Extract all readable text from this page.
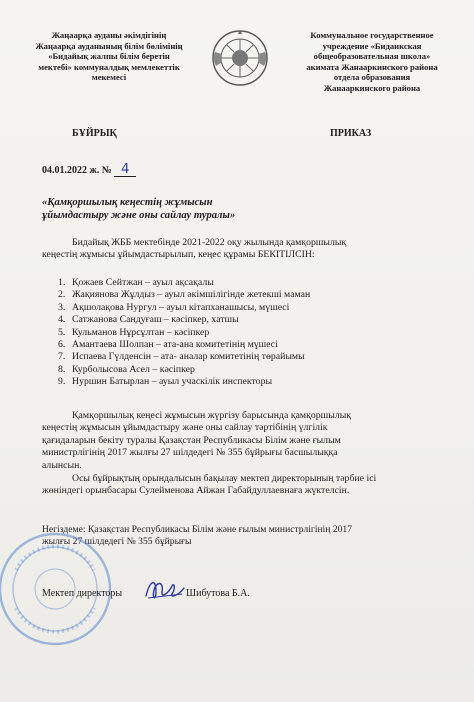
Жаңаарқа ауданы әкімдігінің
Жаңаарқа ауданының білім бөлімінің
«Бидайық жалпы білім беретін
мектебі» коммуналдық мемлекеттік
мекемесі
Коммунальное государственное
учреждение «Бидаикская
общеобразовательная школа»
акимата Жанааркинского района
отдела образования
Жанааркинского района
БҰЙРЫҚ	ПРИКАЗ
04.01.2022 ж. № 4
«Қамқоршылық кеңестің жұмысын
ұйымдастыру және оны сайлау туралы»
Бидайық ЖББ мектебінде 2021-2022 оқу жылында қамқоршылық
кеңестің жұмысы ұйымдастырылып, кеңес құрамы БЕКІТІЛСІН:
1. Қожаев Сейтжан – ауыл ақсақалы
2. Жақиянова Жұлдыз – ауыл әкімшілігінде жетекші маман
3. Ақшолақова Нургул – ауыл кітапханашысы, мүшесі
4. Сатжанова Сандуғаш – кәсіпкер, хатшы
5. Кульманов Нұрсұлтан – кәсіпкер
6. Амантаева Шолпан – ата-ана комитетінің мүшесі
7. Испаева Гүлденсін – ата- аналар комитетінің төрайымы
8. Курболысова Асел – кәсіпкер
9. Нуршин Батырлан – ауыл учаскілік инспекторы
Қамқоршылық кеңесі жұмысын жүргізу барысында қамқоршылық
кеңестің жұмысын ұйымдастыру және оны сайлау тәртібінің үлгілік
қағидаларын бекіту туралы Қазақстан Республикасы Білім және ғылым
министрлігінің 2017 жылғы 27 шілдедегі № 355 бұйрығы басшылыққа
алынсын.
Осы бұйрықтың орындалысын бақылау мектеп директорының тәрбие ісі
жөніндегі орынбасары Сулейменова Айжан Габайдуллаевнаға жүктелсін.
Негіздеме: Қазақстан Республикасы Білім және ғылым министрлігінің 2017
жылғы 27 шілдедегі № 355 бұйрығы
Мектеп директоры	Шибутова Б.А.
